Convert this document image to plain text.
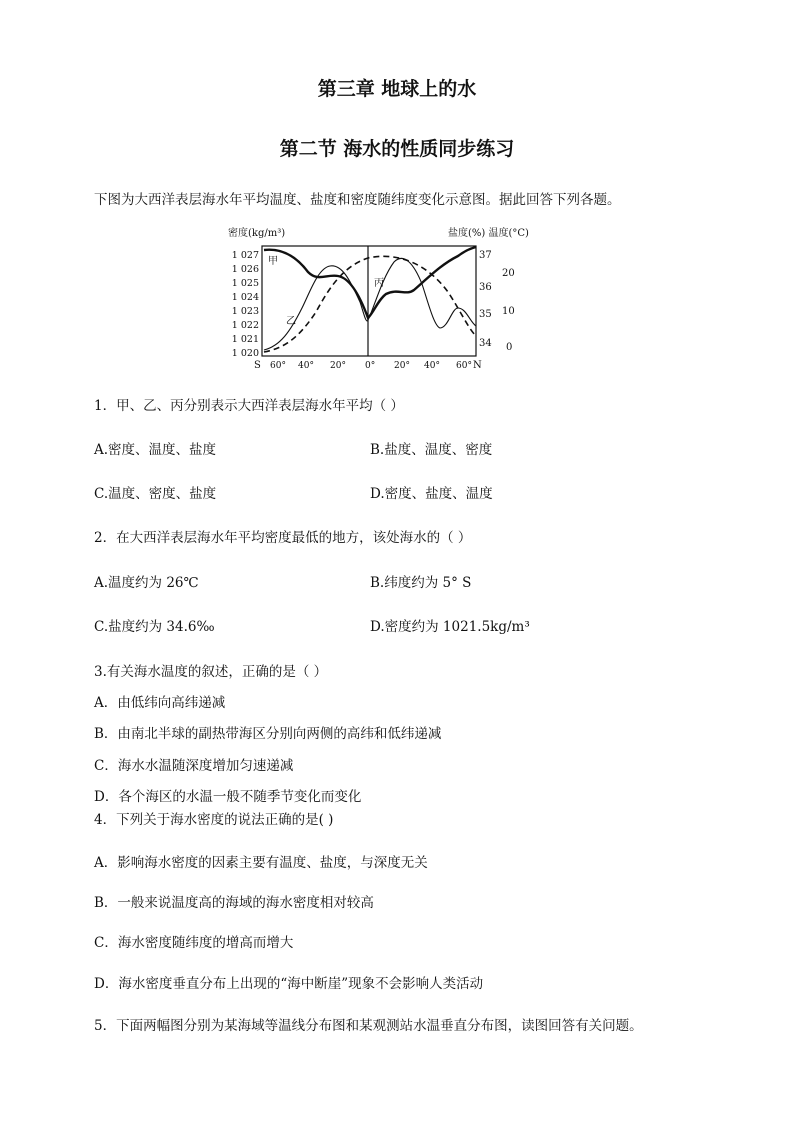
第三章 地球上的水
第二节 海水的性质同步练习
下图为大西洋表层海水年平均温度、盐度和密度随纬度变化示意图。据此回答下列各题。
密度(kg/m³)	盐度(%) 温度(°C)
1 027
1 026
1 025
1 024
1 023
1 022
1 021
1 020
37
36
35
34
20
10
0
S 60° 40° 20° 0° 20° 40° 60° N
甲
乙
丙
1．甲、乙、丙分别表示大西洋表层海水年平均（ ）
A.密度、温度、盐度	B.盐度、温度、密度
C.温度、密度、盐度	D.密度、盐度、温度
2．在大西洋表层海水年平均密度最低的地方，该处海水的（ ）
A.温度约为 26℃	B.纬度约为 5° S
C.盐度约为 34.6‰	D.密度约为 1021.5kg/m³
3.有关海水温度的叙述，正确的是（ ）
A．由低纬向高纬递减
B．由南北半球的副热带海区分别向两侧的高纬和低纬递减
C．海水水温随深度增加匀速递减
D．各个海区的水温一般不随季节变化而变化
4．下列关于海水密度的说法正确的是( )
A．影响海水密度的因素主要有温度、盐度，与深度无关
B．一般来说温度高的海域的海水密度相对较高
C．海水密度随纬度的增高而增大
D．海水密度垂直分布上出现的“海中断崖”现象不会影响人类活动
5．下面两幅图分别为某海域等温线分布图和某观测站水温垂直分布图，读图回答有关问题。
